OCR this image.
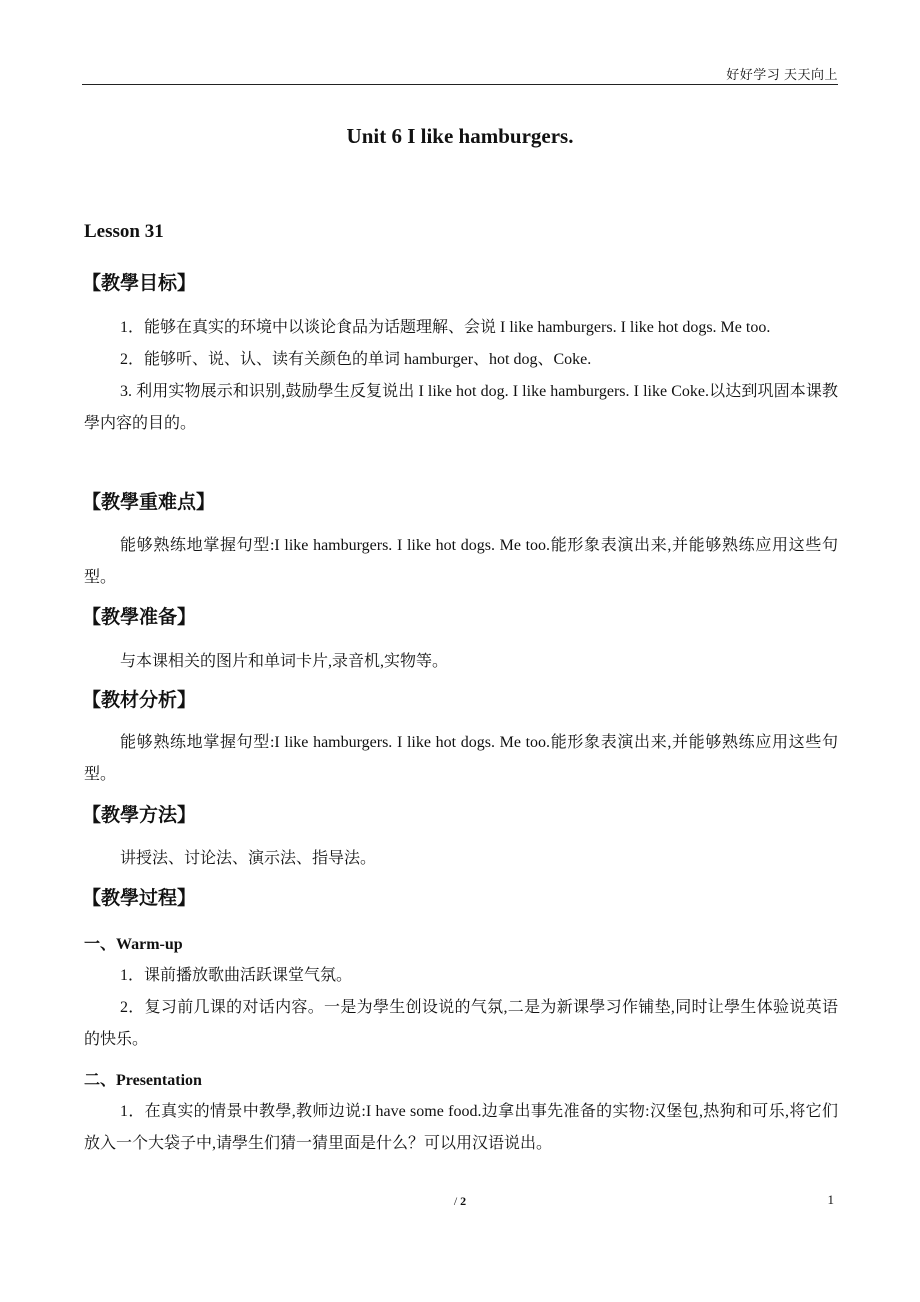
好好学习 天天向上
Unit 6 I like hamburgers.
Lesson 31
【教學目标】

1．能够在真实的环境中以谈论食品为话题理解、会说 I like hamburgers. I like hot dogs. Me too.

2．能够听、说、认、读有关颜色的单词 hamburger、hot dog、Coke.

3. 利用实物展示和识别,鼓励學生反复说出 I like hot dog. I like hamburgers. I like Coke.以达到巩固本课教學内容的目的。

【教學重难点】

能够熟练地掌握句型:I like hamburgers. I like hot dogs. Me too.能形象表演出来,并能够熟练应用这些句型。

【教學准备】

与本课相关的图片和单词卡片,录音机,实物等。

【教材分析】

能够熟练地掌握句型:I like hamburgers. I like hot dogs. Me too.能形象表演出来,并能够熟练应用这些句型。

【教學方法】

讲授法、讨论法、演示法、指导法。

【教學过程】
一、Warm-up

1．课前播放歌曲活跃课堂气氛。

2．复习前几课的对话内容。一是为學生创设说的气氛,二是为新课學习作铺垫,同时让學生体验说英语的快乐。

二、Presentation

1．在真实的情景中教學,教师边说:I have some food.边拿出事先准备的实物:汉堡包,热狗和可乐,将它们放入一个大袋子中,请學生们猜一猜里面是什么？可以用汉语说出。

/ 2	1
